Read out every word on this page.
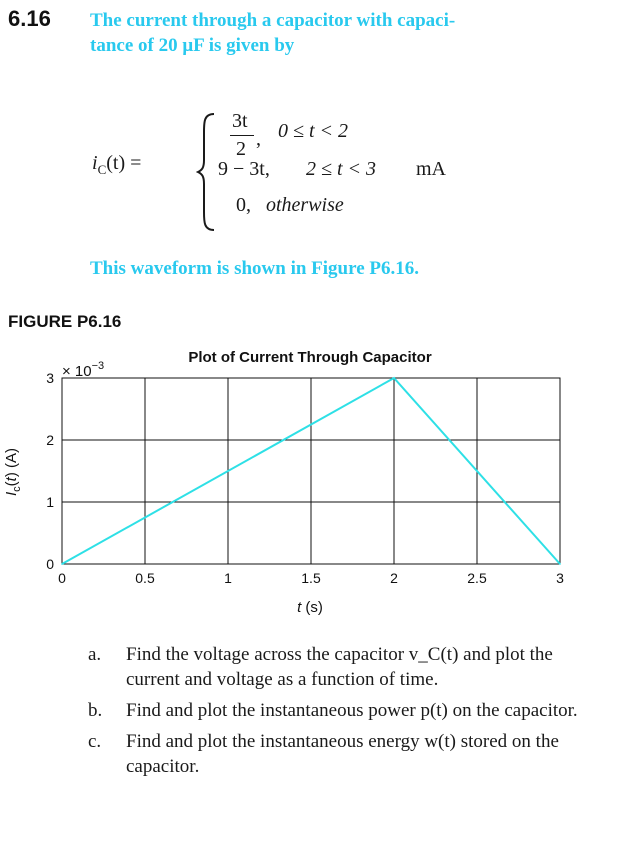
6.16 The current through a capacitor with capaci-
tance of 20 μF is given by
$i_C(t)$ =
3t
2 , 0 ≤ t < 2
9 − 3t, 2 ≤ t < 3 mA
0, otherwise
This waveform is shown in Figure P6.16.
FIGURE P6.16
Plot of Current Through Capacitor
× $10^{-3}$
0	0.5	1	1.5	2	2.5	3
0
1
2
3
t (s)
$I_c(t)$ (A)
a. Find the voltage across the capacitor v_C(t) and plot the current and voltage as a function of time.
b. Find and plot the instantaneous power p(t) on the capacitor.
c. Find and plot the instantaneous energy w(t) stored on the capacitor.
